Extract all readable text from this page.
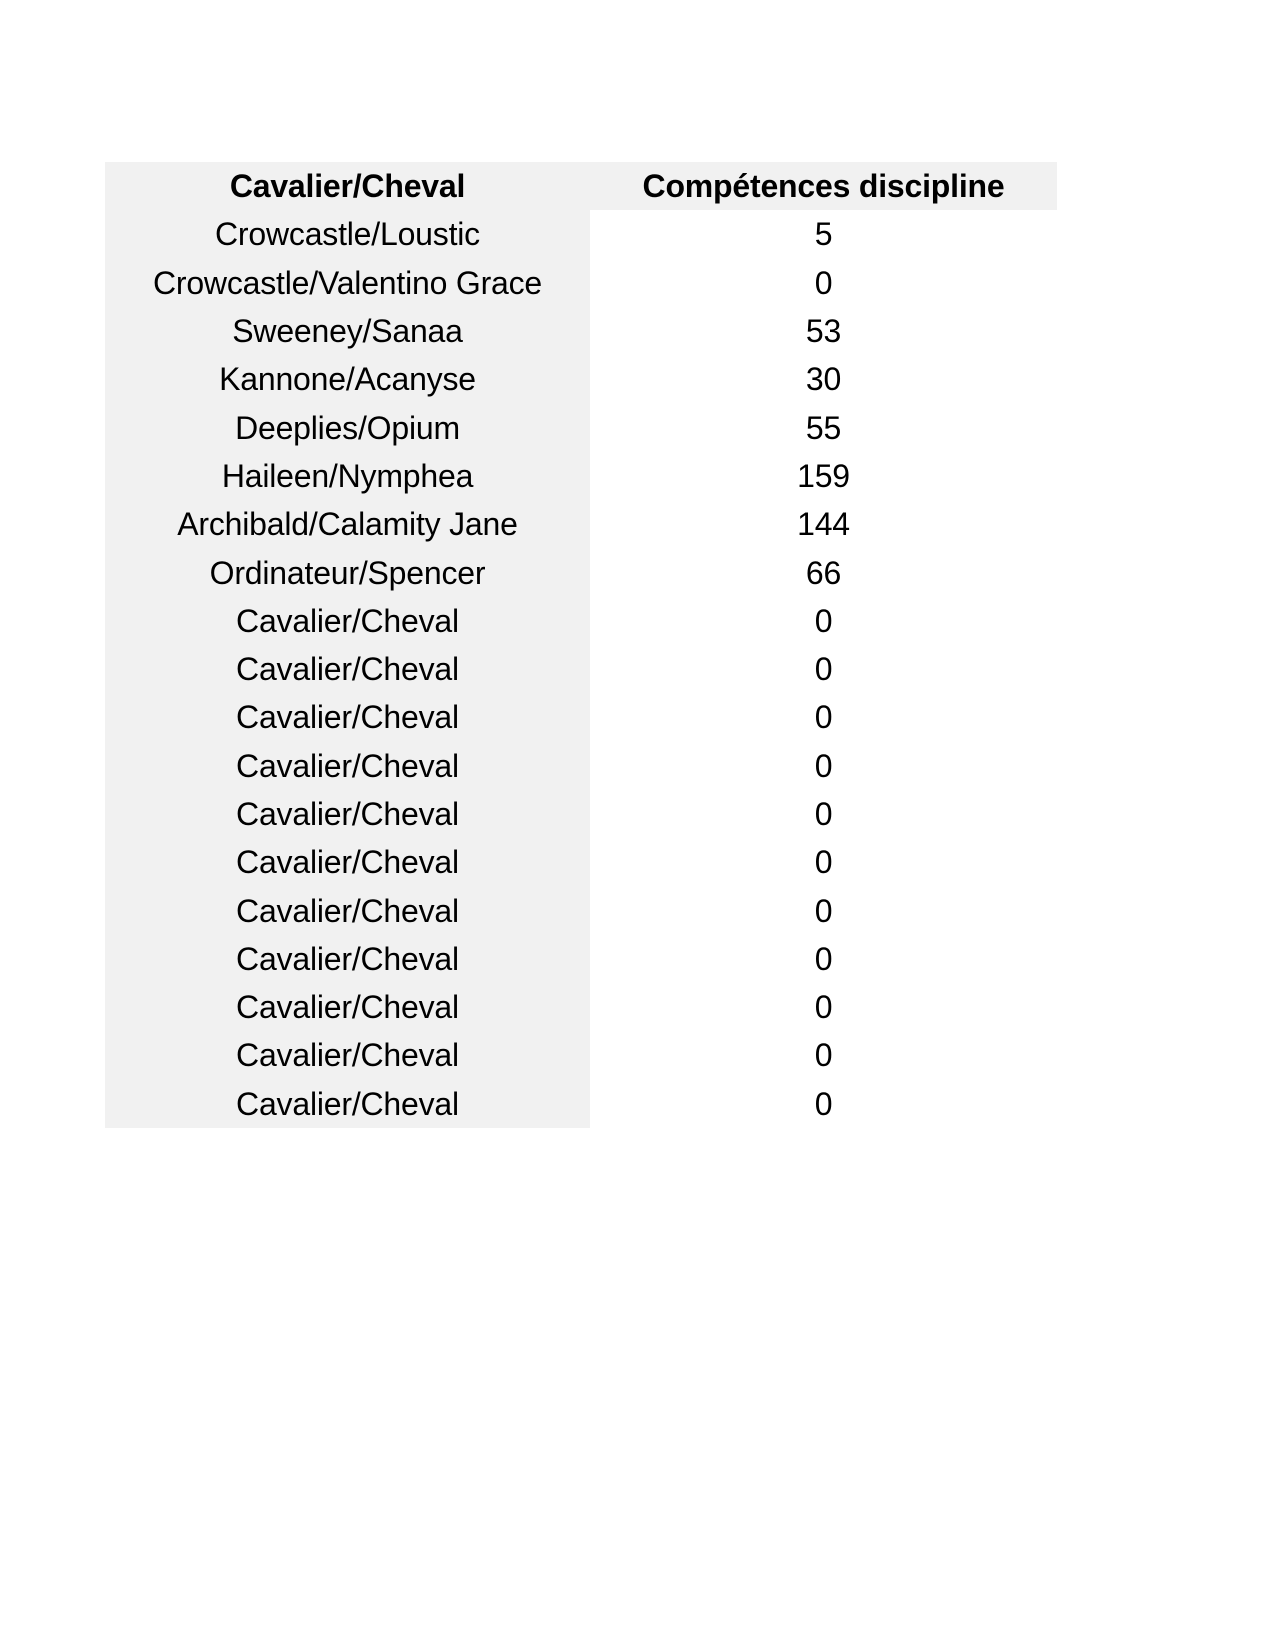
Cavalier/Cheval	Compétences discipline
Crowcastle/Loustic	5
Crowcastle/Valentino Grace	0
Sweeney/Sanaa	53
Kannone/Acanyse	30
Deeplies/Opium	55
Haileen/Nymphea	159
Archibald/Calamity Jane	144
Ordinateur/Spencer	66
Cavalier/Cheval	0
Cavalier/Cheval	0
Cavalier/Cheval	0
Cavalier/Cheval	0
Cavalier/Cheval	0
Cavalier/Cheval	0
Cavalier/Cheval	0
Cavalier/Cheval	0
Cavalier/Cheval	0
Cavalier/Cheval	0
Cavalier/Cheval	0
